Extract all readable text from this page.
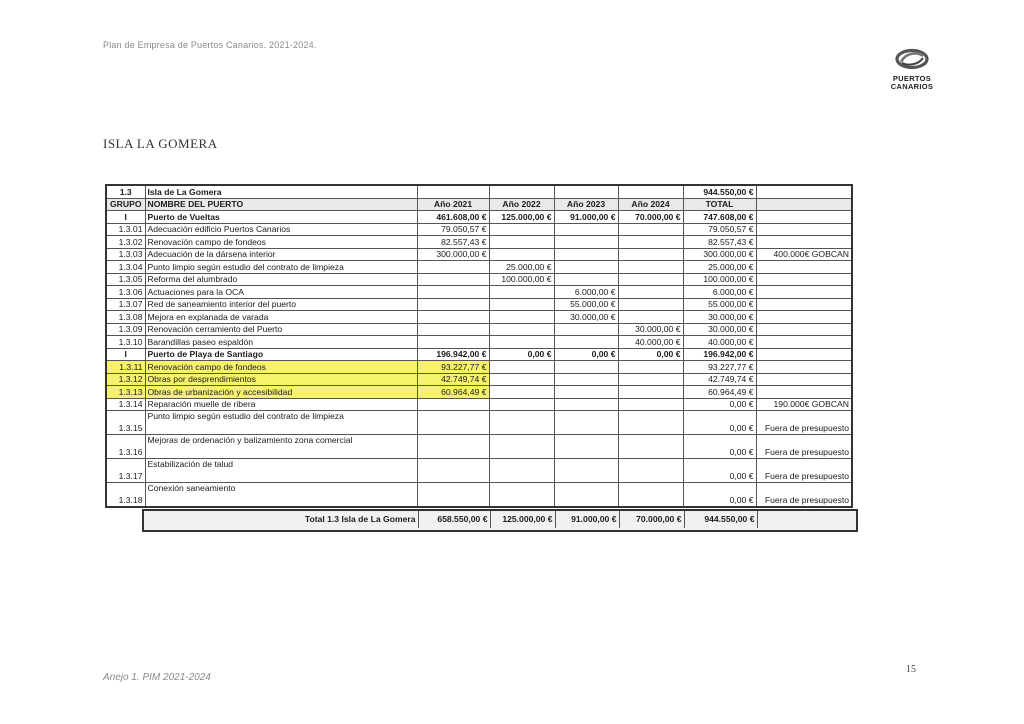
Plan de Empresa de Puertos Canarios. 2021-2024.
PUERTOS
CANARIOS
ISLA LA GOMERA
1.3	Isla de La Gomera					944.550,00 €	
GRUPO	NOMBRE DEL PUERTO	Año 2021	Año 2022	Año 2023	Año 2024	TOTAL	
I	Puerto de Vueltas	461.608,00 €	125.000,00 €	91.000,00 €	70.000,00 €	747.608,00 €	
1.3.01	Adecuación edificio Puertos Canarios	79.050,57 €				79.050,57 €	
1.3.02	Renovación campo de fondeos	82.557,43 €				82.557,43 €	
1.3.03	Adecuación de la dársena interior	300.000,00 €				300.000,00 €	400.000€ GOBCAN
1.3.04	Punto limpio según estudio del contrato de limpieza		25.000,00 €			25.000,00 €	
1.3.05	Reforma del alumbrado		100.000,00 €			100.000,00 €	
1.3.06	Actuaciones para la OCA			6.000,00 €		6.000,00 €	
1.3.07	Red de saneamiento interior del puerto			55.000,00 €		55.000,00 €	
1.3.08	Mejora en explanada de varada			30.000,00 €		30.000,00 €	
1.3.09	Renovación cerramiento del Puerto				30.000,00 €	30.000,00 €	
1.3.10	Barandillas paseo espaldón				40.000,00 €	40.000,00 €	
I	Puerto de Playa de Santiago	196.942,00 €	0,00 €	0,00 €	0,00 €	196.942,00 €	
1.3.11	Renovación campo de fondeos	93.227,77 €				93.227,77 €	
1.3.12	Obras por desprendimientos	42.749,74 €				42.749,74 €	
1.3.13	Obras de urbanización y accesibilidad	60.964,49 €				60.964,49 €	
1.3.14	Reparación muelle de ribera					0,00 €	190.000€ GOBCAN
1.3.15	Punto limpio según estudio del contrato de limpieza					0,00 €	Fuera de presupuesto
1.3.16	Mejoras de ordenación y balizamiento zona comercial					0,00 €	Fuera de presupuesto
1.3.17	Estabilización de talud					0,00 €	Fuera de presupuesto
1.3.18	Conexión saneamiento					0,00 €	Fuera de presupuesto
Total 1.3 Isla de La Gomera	658.550,00 €	125.000,00 €	91.000,00 €	70.000,00 €	944.550,00 €	
Anejo 1. PIM 2021-2024
15
